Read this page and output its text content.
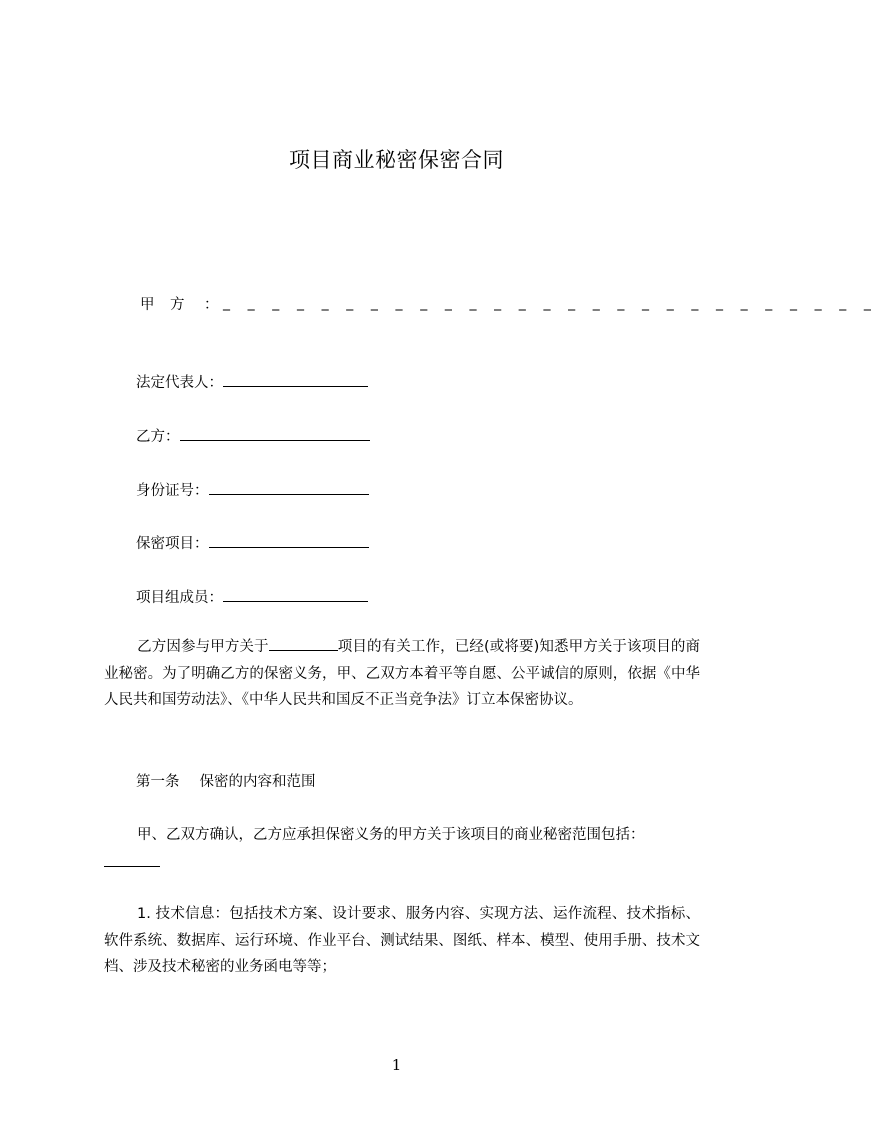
项目商业秘密保密合同
甲 方 ： _ _ _ _ _ _ _ _ _ _ _ _ _ _ _ _ _ _ _ _ _ _ _ _ _ _ _
法定代表人：
乙方：
身份证号：
保密项目：
项目组成员：
乙方因参与甲方关于	项目的有关工作，已经(或将要)知悉甲方关于该项目的商业秘密。为了明确乙方的保密义务，甲、乙双方本着平等自愿、公平诚信的原则，依据《中华人民共和国劳动法》、《中华人民共和国反不正当竞争法》订立本保密协议。
第一条 保密的内容和范围
甲、乙双方确认，乙方应承担保密义务的甲方关于该项目的商业秘密范围包括：
1. 技术信息：包括技术方案、设计要求、服务内容、实现方法、运作流程、技术指标、软件系统、数据库、运行环境、作业平台、测试结果、图纸、样本、模型、使用手册、技术文档、涉及技术秘密的业务函电等等；
1
